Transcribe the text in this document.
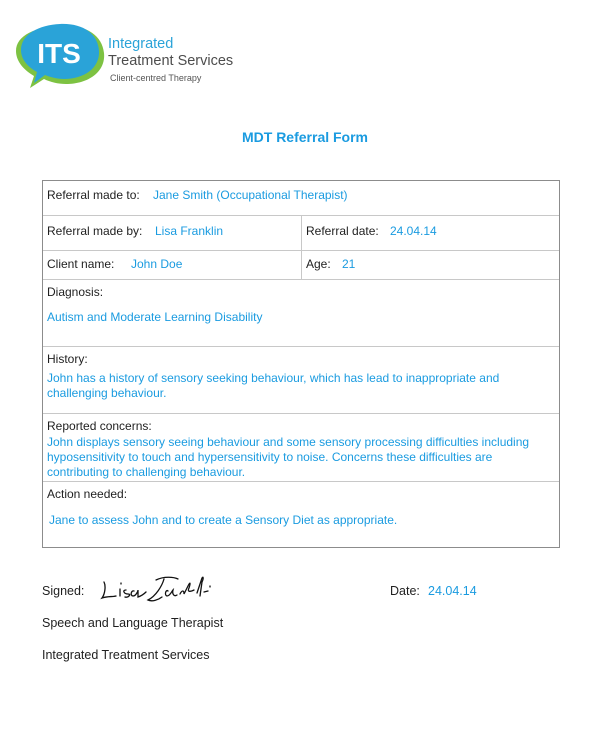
ITS Integrated
Treatment Services
Client-centred Therapy
MDT Referral Form
Referral made to: Jane Smith (Occupational Therapist)
Referral made by: Lisa Franklin	Referral date: 24.04.14
Client name: John Doe	Age: 21
Diagnosis:
Autism and Moderate Learning Disability
History:
John has a history of sensory seeking behaviour, which has lead to inappropriate and
challenging behaviour.
Reported concerns:
John displays sensory seeing behaviour and some sensory processing difficulties including
hyposensitivity to touch and hypersensitivity to noise. Concerns these difficulties are
contributing to challenging behaviour.
Action needed:
Jane to assess John and to create a Sensory Diet as appropriate.
Signed:	Date: 24.04.14
Speech and Language Therapist
Integrated Treatment Services
